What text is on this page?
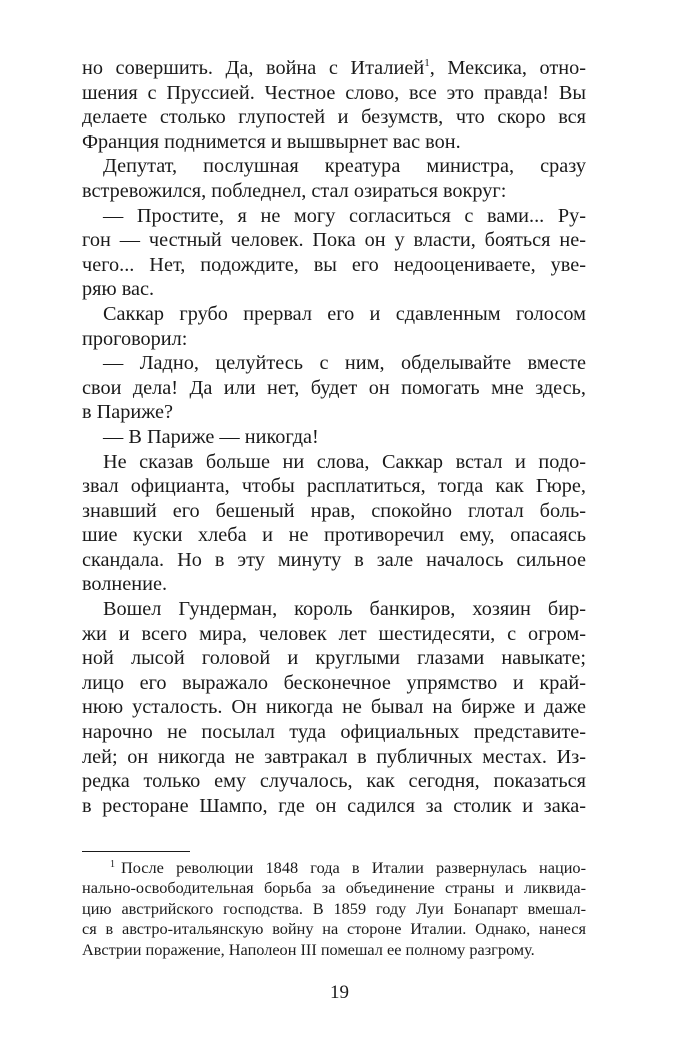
но совершить. Да, война с Италией$^1$, Мексика, отно-
шения с Пруссией. Честное слово, все это правда! Вы
делаете столько глупостей и безумств, что скоро вся
Франция поднимется и вышвырнет вас вон.
Депутат, послушная креатура министра, сразу
встревожился, побледнел, стал озираться вокруг:
— Простите, я не могу согласиться с вами... Ру-
гон — честный человек. Пока он у власти, бояться не-
чего... Нет, подождите, вы его недооцениваете, уве-
ряю вас.
Саккар грубо прервал его и сдавленным голосом
проговорил:
— Ладно, целуйтесь с ним, обделывайте вместе
свои дела! Да или нет, будет он помогать мне здесь,
в Париже?
— В Париже — никогда!
Не сказав больше ни слова, Саккар встал и подо-
звал официанта, чтобы расплатиться, тогда как Гюре,
знавший его бешеный нрав, спокойно глотал боль-
шие куски хлеба и не противоречил ему, опасаясь
скандала. Но в эту минуту в зале началось сильное
волнение.
Вошел Гундерман, король банкиров, хозяин бир-
жи и всего мира, человек лет шестидесяти, с огром-
ной лысой головой и круглыми глазами навыкате;
лицо его выражало бесконечное упрямство и край-
нюю усталость. Он никогда не бывал на бирже и даже
нарочно не посылал туда официальных представите-
лей; он никогда не завтракал в публичных местах. Из-
редка только ему случалось, как сегодня, показаться
в ресторане Шампо, где он садился за столик и зака-
$^1$ После революции 1848 года в Италии развернулась нацио-
нально-освободительная борьба за объединение страны и ликвида-
цию австрийского господства. В 1859 году Луи Бонапарт вмешал-
ся в австро-итальянскую войну на стороне Италии. Однако, нанеся
Австрии поражение, Наполеон III помешал ее полному разгрому.
19
